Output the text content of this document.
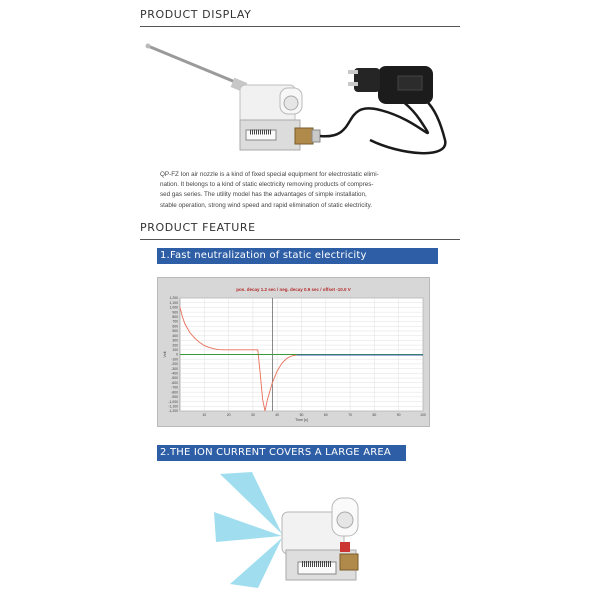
PRODUCT DISPLAY

QP-FZ Ion air nozzle is a kind of fixed special equipment for electrostatic elimi-

nation. It belongs to a kind of static electricity removing products of compres-

sed gas series. The utility model has the advantages of simple installation,

stable operation, strong wind speed and rapid elimination of static electricity.

PRODUCT FEATURE
1.Fast neutralization of static electricity
pos. decay 1.2 sec / neg. decay 0.9 sec / offset -10.0 V
1,200
1,100
1,000
900
800
700
600
500
400
300
200
100
0
-100
-200
-300
-400
-500
-600
-700
-800
-900
-1,000
-1,100
-1,200
10	20	30	40	50	60	70	80	90	100
Volt
Time [s]
2.THE ION CURRENT COVERS A LARGE AREA
